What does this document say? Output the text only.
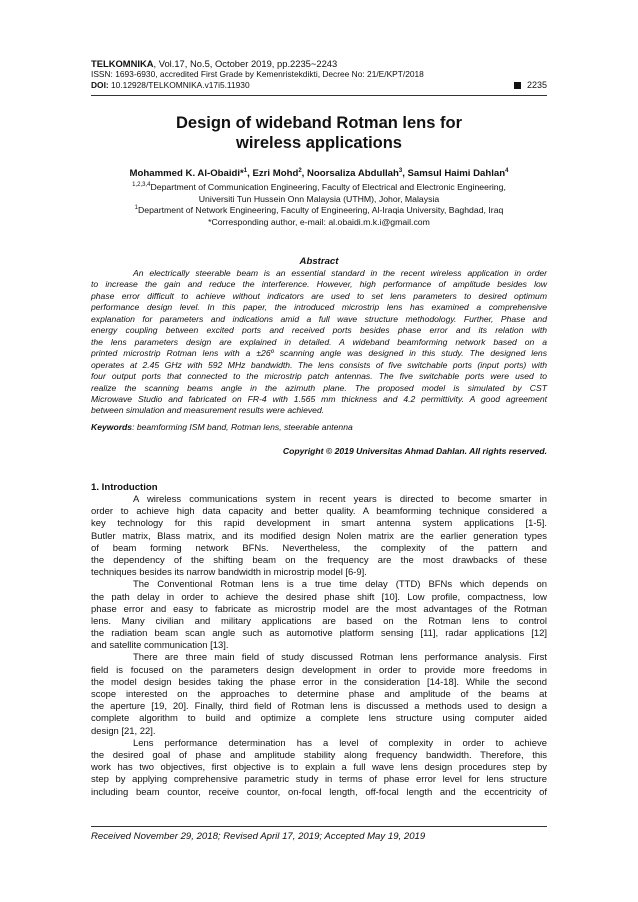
TELKOMNIKA, Vol.17, No.5, October 2019, pp.2235~2243
ISSN: 1693-6930, accredited First Grade by Kemenristekdikti, Decree No: 21/E/KPT/2018
DOI: 10.12928/TELKOMNIKA.v17i5.11930	2235
Design of wideband Rotman lens for
wireless applications
Mohammed K. Al-Obaidi*$^1$, Ezri Mohd$^2$, Noorsaliza Abdullah$^3$, Samsul Haimi Dahlan$^4$
$^{1,2,3,4}$Department of Communication Engineering, Faculty of Electrical and Electronic Engineering,
Universiti Tun Hussein Onn Malaysia (UTHM), Johor, Malaysia
$^1$Department of Network Engineering, Faculty of Engineering, Al-Iraqia University, Baghdad, Iraq
*Corresponding author, e-mail: al.obaidi.m.k.i@gmail.com
Abstract
An electrically steerable beam is an essential standard in the recent wireless application in order
to increase the gain and reduce the interference. However, high performance of amplitude besides low
phase error difficult to achieve without indicators are used to set lens parameters to desired optimum
performance design level. In this paper, the introduced microstrip lens has examined a comprehensive
explanation for parameters and indications amid a full wave structure methodology. Further, Phase and
energy coupling between excited ports and received ports besides phase error and its relation with
the lens parameters design are explained in detailed. A wideband beamforming network based on a
printed microstrip Rotman lens with a ±26º scanning angle was designed in this study. The designed lens
operates at 2.45 GHz with 592 MHz bandwidth. The lens consists of five switchable ports (input ports) with
four output ports that connected to the microstrip patch antennas. The five switchable ports were used to
realize the scanning beams angle in the azimuth plane. The proposed model is simulated by CST
Microwave Studio and fabricated on FR-4 with 1.565 mm thickness and 4.2 permittivity. A good agreement
between simulation and measurement results were achieved.
Keywords: beamforming ISM band, Rotman lens, steerable antenna
Copyright © 2019 Universitas Ahmad Dahlan. All rights reserved.
1. Introduction
A wireless communications system in recent years is directed to become smarter in
order to achieve high data capacity and better quality. A beamforming technique considered a
key technology for this rapid development in smart antenna system applications [1-5].
Butler matrix, Blass matrix, and its modified design Nolen matrix are the earlier generation types
of beam forming network BFNs. Nevertheless, the complexity of the pattern and
the dependency of the shifting beam on the frequency are the most drawbacks of these
techniques besides its narrow bandwidth in microstrip model [6-9].
The Conventional Rotman lens is a true time delay (TTD) BFNs which depends on
the path delay in order to achieve the desired phase shift [10]. Low profile, compactness, low
phase error and easy to fabricate as microstrip model are the most advantages of the Rotman
lens. Many civilian and military applications are based on the Rotman lens to control
the radiation beam scan angle such as automotive platform sensing [11], radar applications [12]
and satellite communication [13].
There are three main field of study discussed Rotman lens performance analysis. First
field is focused on the parameters design development in order to provide more freedoms in
the model design besides taking the phase error in the consideration [14-18]. While the second
scope interested on the approaches to determine phase and amplitude of the beams at
the aperture [19, 20]. Finally, third field of Rotman lens is discussed a methods used to design a
complete algorithm to build and optimize a complete lens structure using computer aided
design [21, 22].
Lens performance determination has a level of complexity in order to achieve
the desired goal of phase and amplitude stability along frequency bandwidth. Therefore, this
work has two objectives, first objective is to explain a full wave lens design procedures step by
step by applying comprehensive parametric study in terms of phase error level for lens structure
including beam countor, receive countor, on-focal length, off-focal length and the eccentricity of
Received November 29, 2018; Revised April 17, 2019; Accepted May 19, 2019
